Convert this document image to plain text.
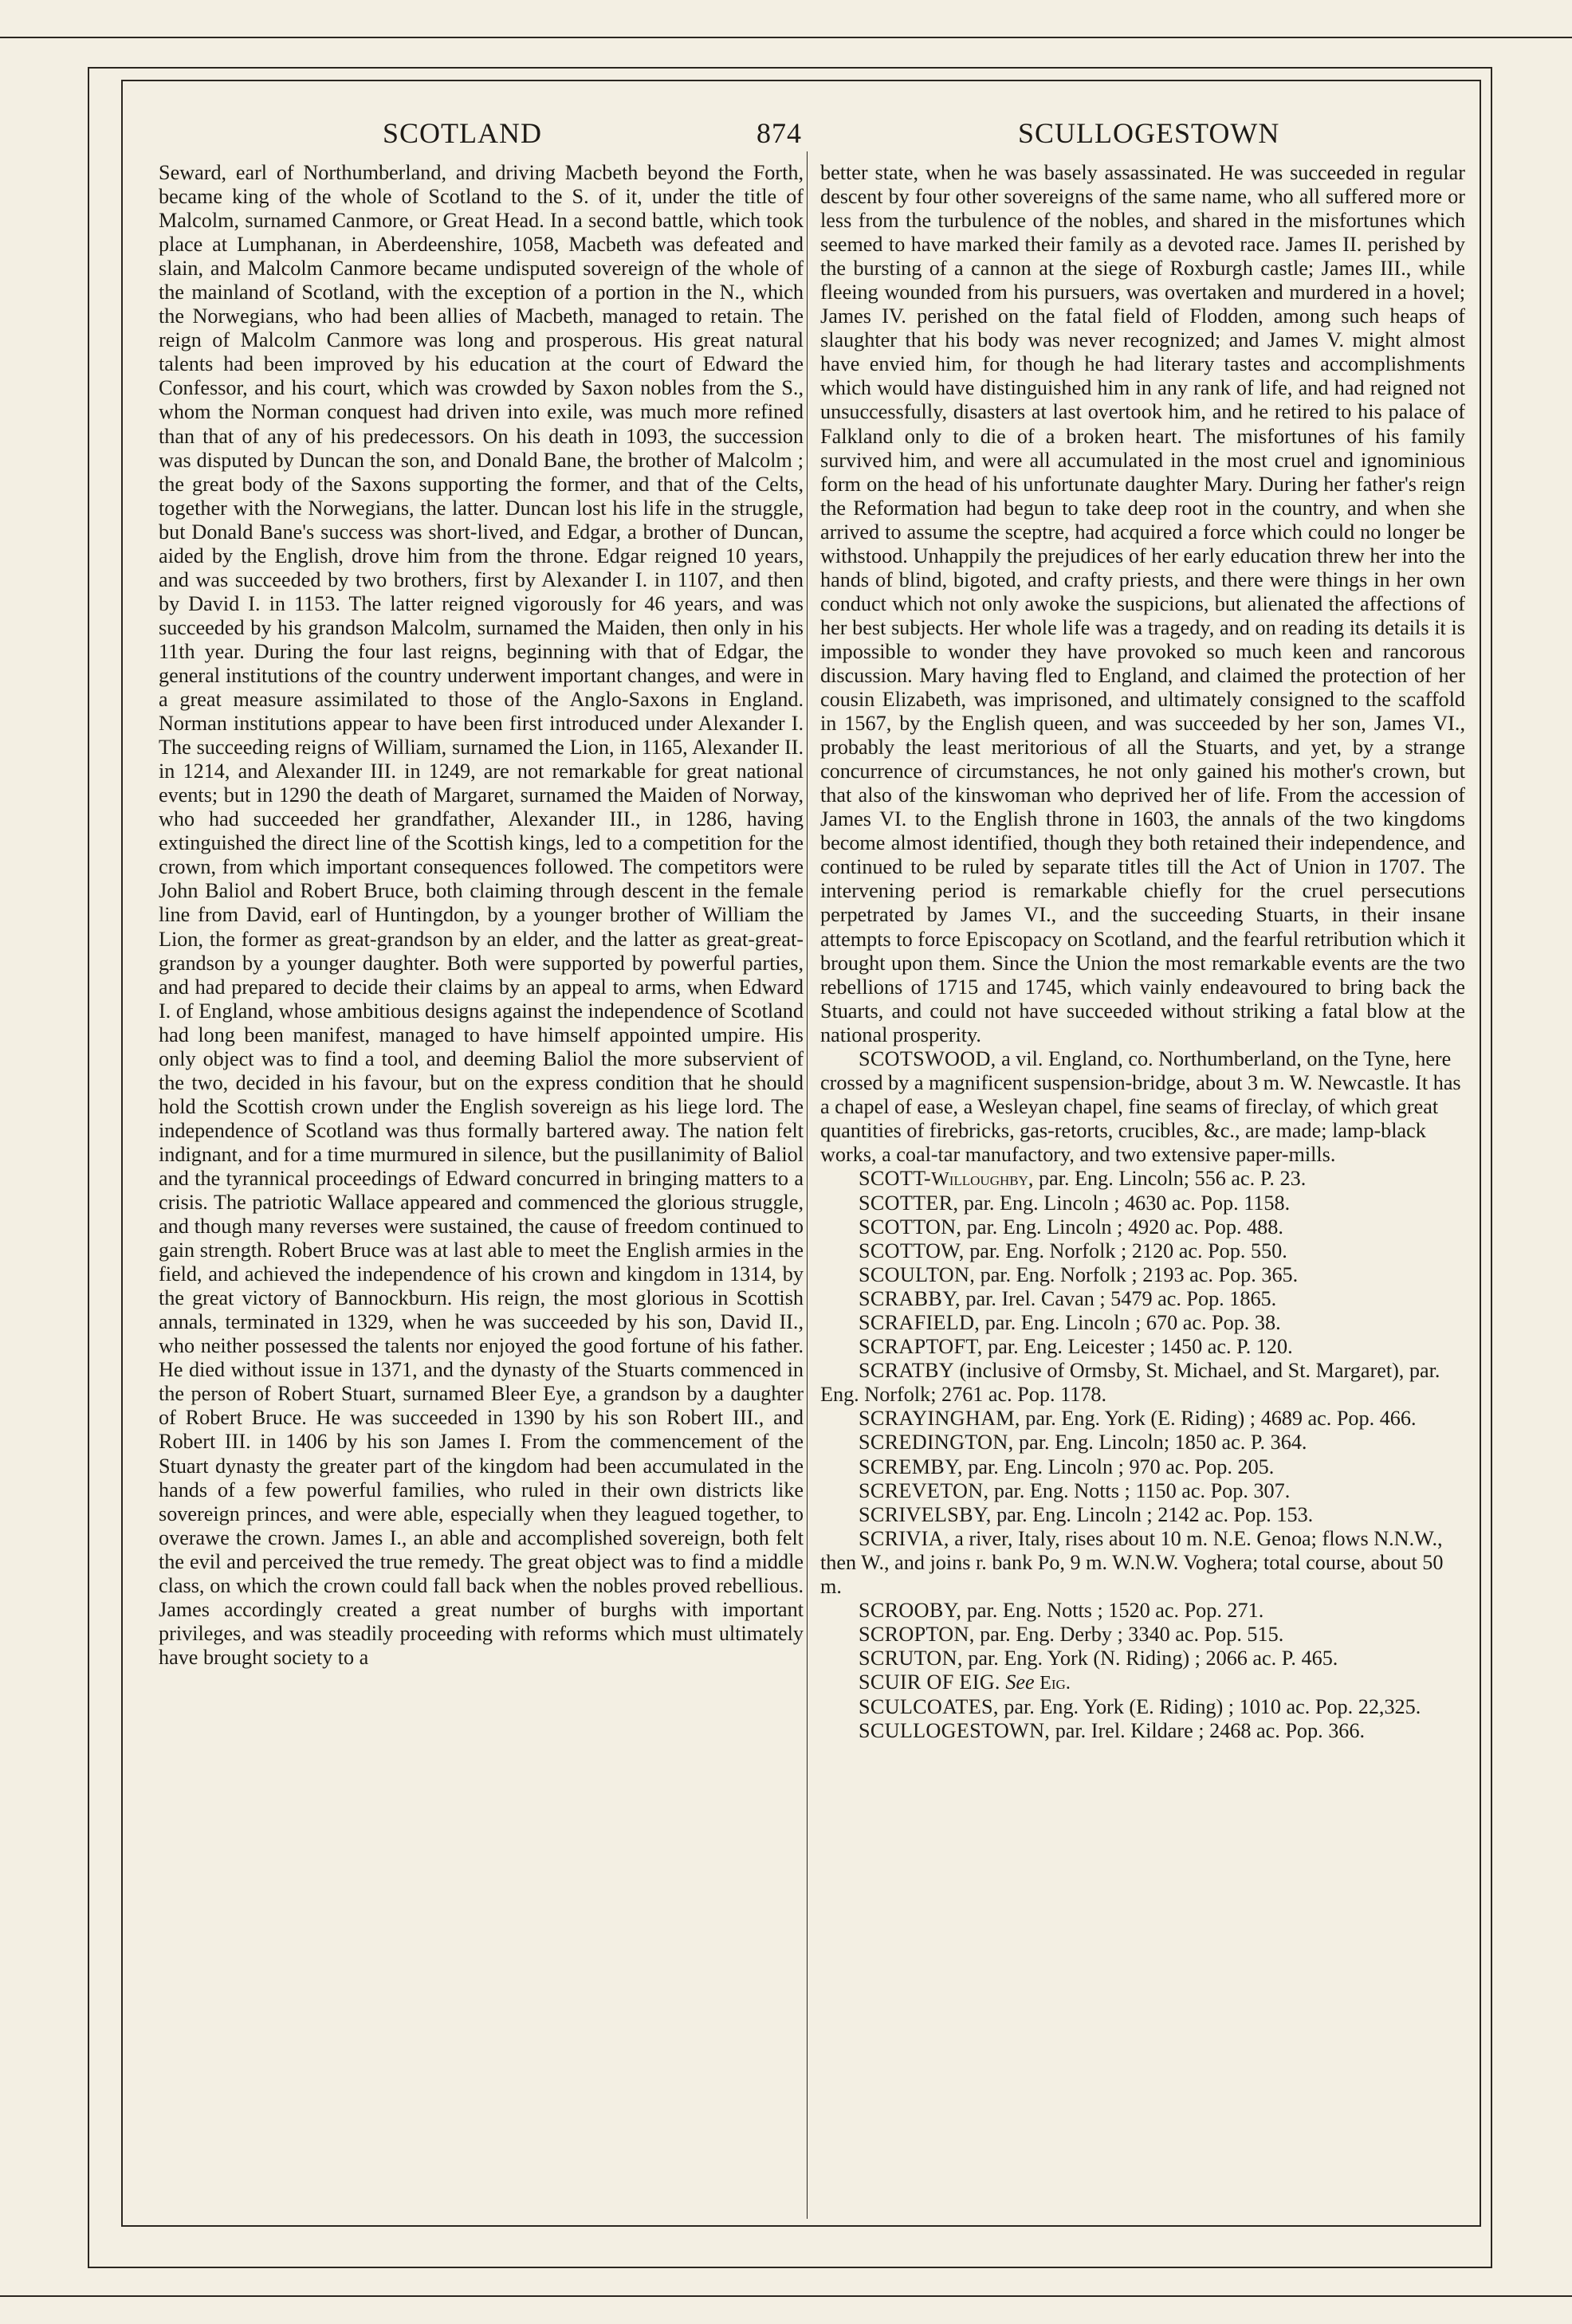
SCOTLAND	874	SCULLOGESTOWN

Seward, earl of Northumberland, and driving Macbeth beyond the Forth, became king of the whole of Scotland to the S. of it, under the title of Malcolm, surnamed Canmore, or Great Head. In a second battle, which took place at Lumphanan, in Aberdeenshire, 1058, Macbeth was defeated and slain, and Malcolm Canmore became undisputed sovereign of the whole of the mainland of Scotland, with the exception of a portion in the N., which the Norwegians, who had been allies of Macbeth, managed to retain. The reign of Malcolm Canmore was long and prosperous. His great natural talents had been improved by his education at the court of Edward the Confessor, and his court, which was crowded by Saxon nobles from the S., whom the Norman conquest had driven into exile, was much more refined than that of any of his predecessors. On his death in 1093, the succession was disputed by Duncan the son, and Donald Bane, the brother of Malcolm ; the great body of the Saxons supporting the former, and that of the Celts, together with the Norwegians, the latter. Duncan lost his life in the struggle, but Donald Bane's success was short-lived, and Edgar, a brother of Duncan, aided by the English, drove him from the throne. Edgar reigned 10 years, and was succeeded by two brothers, first by Alexander I. in 1107, and then by David I. in 1153. The latter reigned vigorously for 46 years, and was succeeded by his grandson Malcolm, surnamed the Maiden, then only in his 11th year. During the four last reigns, beginning with that of Edgar, the general institutions of the country underwent important changes, and were in a great measure assimilated to those of the Anglo-Saxons in England. Norman institutions appear to have been first introduced under Alexander I. The succeeding reigns of William, surnamed the Lion, in 1165, Alexander II. in 1214, and Alexander III. in 1249, are not remarkable for great national events; but in 1290 the death of Margaret, surnamed the Maiden of Norway, who had succeeded her grandfather, Alexander III., in 1286, having extinguished the direct line of the Scottish kings, led to a competition for the crown, from which important consequences followed. The competitors were John Baliol and Robert Bruce, both claiming through descent in the female line from David, earl of Huntingdon, by a younger brother of William the Lion, the former as great-grandson by an elder, and the latter as great-great-grandson by a younger daughter. Both were supported by powerful parties, and had prepared to decide their claims by an appeal to arms, when Edward I. of England, whose ambitious designs against the independence of Scotland had long been manifest, managed to have himself appointed umpire. His only object was to find a tool, and deeming Baliol the more subservient of the two, decided in his favour, but on the express condition that he should hold the Scottish crown under the English sovereign as his liege lord. The independence of Scotland was thus formally bartered away. The nation felt indignant, and for a time murmured in silence, but the pusillanimity of Baliol and the tyrannical proceedings of Edward concurred in bringing matters to a crisis. The patriotic Wallace appeared and commenced the glorious struggle, and though many reverses were sustained, the cause of freedom continued to gain strength. Robert Bruce was at last able to meet the English armies in the field, and achieved the independence of his crown and kingdom in 1314, by the great victory of Bannockburn. His reign, the most glorious in Scottish annals, terminated in 1329, when he was succeeded by his son, David II., who neither possessed the talents nor enjoyed the good fortune of his father. He died without issue in 1371, and the dynasty of the Stuarts commenced in the person of Robert Stuart, surnamed Bleer Eye, a grandson by a daughter of Robert Bruce. He was succeeded in 1390 by his son Robert III., and Robert III. in 1406 by his son James I. From the commencement of the Stuart dynasty the greater part of the kingdom had been accumulated in the hands of a few powerful families, who ruled in their own districts like sovereign princes, and were able, especially when they leagued together, to overawe the crown. James I., an able and accomplished sovereign, both felt the evil and perceived the true remedy. The great object was to find a middle class, on which the crown could fall back when the nobles proved rebellious. James accordingly created a great number of burghs with important privileges, and was steadily proceeding with reforms which must ultimately have brought society to a

better state, when he was basely assassinated. He was succeeded in regular descent by four other sovereigns of the same name, who all suffered more or less from the turbulence of the nobles, and shared in the misfortunes which seemed to have marked their family as a devoted race. James II. perished by the bursting of a cannon at the siege of Roxburgh castle; James III., while fleeing wounded from his pursuers, was overtaken and murdered in a hovel; James IV. perished on the fatal field of Flodden, among such heaps of slaughter that his body was never recognized; and James V. might almost have envied him, for though he had literary tastes and accomplishments which would have distinguished him in any rank of life, and had reigned not unsuccessfully, disasters at last overtook him, and he retired to his palace of Falkland only to die of a broken heart. The misfortunes of his family survived him, and were all accumulated in the most cruel and ignominious form on the head of his unfortunate daughter Mary. During her father's reign the Reformation had begun to take deep root in the country, and when she arrived to assume the sceptre, had acquired a force which could no longer be withstood. Unhappily the prejudices of her early education threw her into the hands of blind, bigoted, and crafty priests, and there were things in her own conduct which not only awoke the suspicions, but alienated the affections of her best subjects. Her whole life was a tragedy, and on reading its details it is impossible to wonder they have provoked so much keen and rancorous discussion. Mary having fled to England, and claimed the protection of her cousin Elizabeth, was imprisoned, and ultimately consigned to the scaffold in 1567, by the English queen, and was succeeded by her son, James VI., probably the least meritorious of all the Stuarts, and yet, by a strange concurrence of circumstances, he not only gained his mother's crown, but that also of the kinswoman who deprived her of life. From the accession of James VI. to the English throne in 1603, the annals of the two kingdoms become almost identified, though they both retained their independence, and continued to be ruled by separate titles till the Act of Union in 1707. The intervening period is remarkable chiefly for the cruel persecutions perpetrated by James VI., and the succeeding Stuarts, in their insane attempts to force Episcopacy on Scotland, and the fearful retribution which it brought upon them. Since the Union the most remarkable events are the two rebellions of 1715 and 1745, which vainly endeavoured to bring back the Stuarts, and could not have succeeded without striking a fatal blow at the national prosperity.

SCOTSWOOD, a vil. England, co. Northumberland, on the Tyne, here crossed by a magnificent suspension-bridge, about 3 m. W. Newcastle. It has a chapel of ease, a Wesleyan chapel, fine seams of fireclay, of which great quantities of firebricks, gas-retorts, crucibles, &c., are made; lamp-black works, a coal-tar manufactory, and two extensive paper-mills.

SCOTT-Willoughby, par. Eng. Lincoln; 556 ac. P. 23.

SCOTTER, par. Eng. Lincoln ; 4630 ac. Pop. 1158.

SCOTTON, par. Eng. Lincoln ; 4920 ac. Pop. 488.

SCOTTOW, par. Eng. Norfolk ; 2120 ac. Pop. 550.

SCOULTON, par. Eng. Norfolk ; 2193 ac. Pop. 365.

SCRABBY, par. Irel. Cavan ; 5479 ac. Pop. 1865.

SCRAFIELD, par. Eng. Lincoln ; 670 ac. Pop. 38.

SCRAPTOFT, par. Eng. Leicester ; 1450 ac. P. 120.

SCRATBY (inclusive of Ormsby, St. Michael, and St. Margaret), par. Eng. Norfolk; 2761 ac. Pop. 1178.

SCRAYINGHAM, par. Eng. York (E. Riding) ; 4689 ac. Pop. 466.

SCREDINGTON, par. Eng. Lincoln; 1850 ac. P. 364.

SCREMBY, par. Eng. Lincoln ; 970 ac. Pop. 205.

SCREVETON, par. Eng. Notts ; 1150 ac. Pop. 307.

SCRIVELSBY, par. Eng. Lincoln ; 2142 ac. Pop. 153.

SCRIVIA, a river, Italy, rises about 10 m. N.E. Genoa; flows N.N.W., then W., and joins r. bank Po, 9 m. W.N.W. Voghera; total course, about 50 m.

SCROOBY, par. Eng. Notts ; 1520 ac. Pop. 271.

SCROPTON, par. Eng. Derby ; 3340 ac. Pop. 515.

SCRUTON, par. Eng. York (N. Riding) ; 2066 ac. P. 465.

SCUIR OF EIG. See Eig.

SCULCOATES, par. Eng. York (E. Riding) ; 1010 ac. Pop. 22,325.

SCULLOGESTOWN, par. Irel. Kildare ; 2468 ac. Pop. 366.
